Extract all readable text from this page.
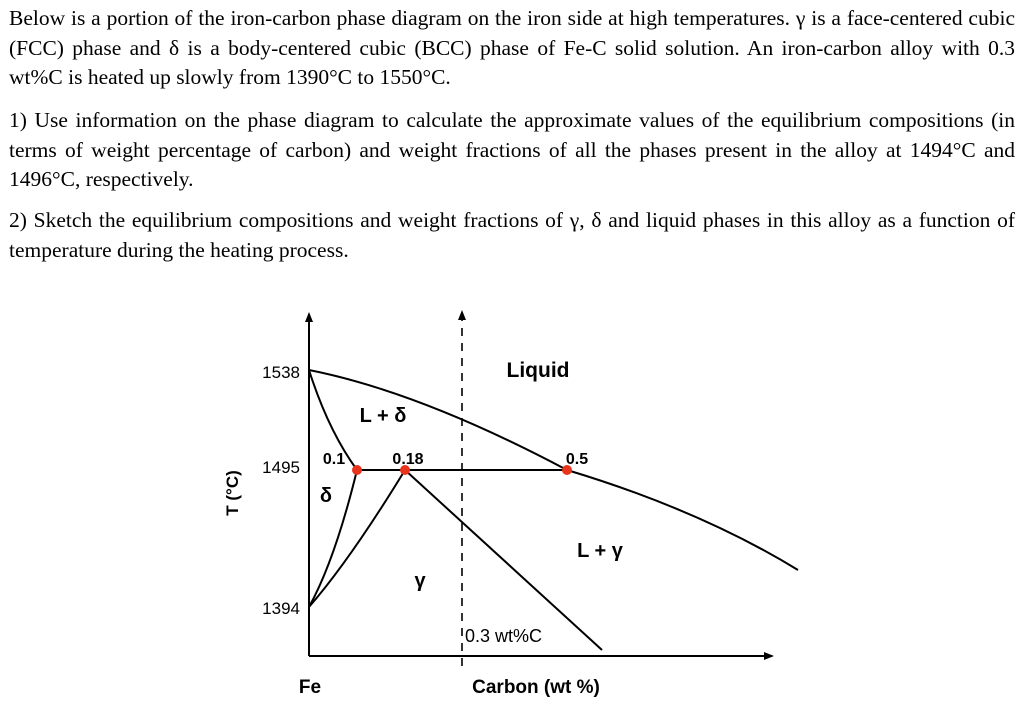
Below is a portion of the iron-carbon phase diagram on the iron side at high temperatures. γ is a face-centered cubic (FCC) phase and δ is a body-centered cubic (BCC) phase of Fe-C solid solution. An iron-carbon alloy with 0.3 wt%C is heated up slowly from 1390°C to 1550°C.

1) Use information on the phase diagram to calculate the approximate values of the equilibrium compositions (in terms of weight percentage of carbon) and weight fractions of all the phases present in the alloy at 1494°C and 1496°C, respectively.

2) Sketch the equilibrium compositions and weight fractions of γ, δ and liquid phases in this alloy as a function of temperature during the heating process.

1538
1495
1394
T (°C)
Fe	Carbon (wt %)
Liquid
L + δ
δ
γ
L + γ
0.1	0.18	0.5
0.3 wt%C
